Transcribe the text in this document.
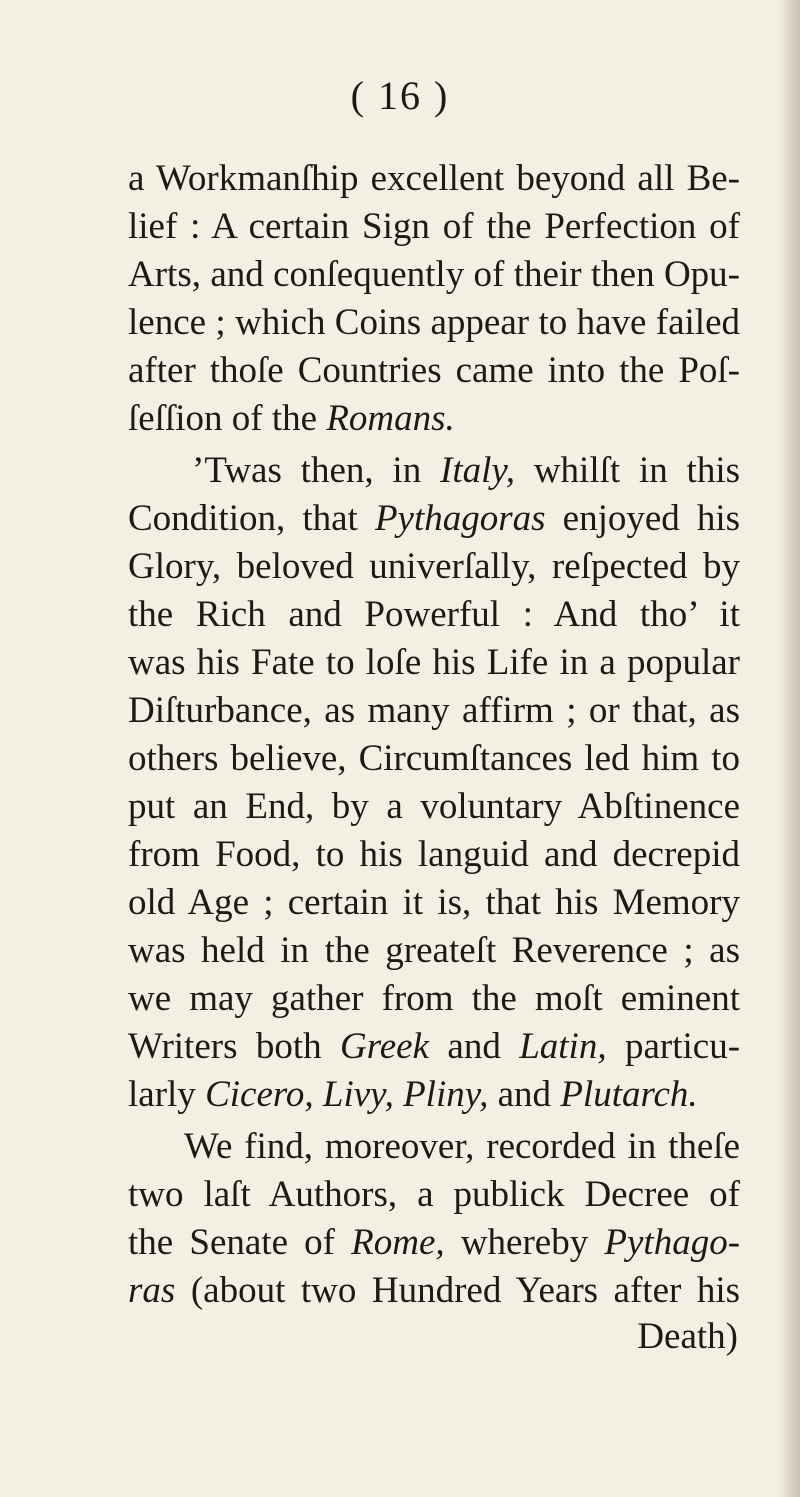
( 16 )
a Workmanſhip excellent beyond all Be-
lief : A certain Sign of the Perfection of
Arts, and conſequently of their then Opu-
lence ; which Coins appear to have failed
after thoſe Countries came into the Poſ-
ſeſſion of the Romans.
’Twas then, in Italy, whilſt in this
Condition, that Pythagoras enjoyed his
Glory, beloved univerſally, reſpected by
the Rich and Powerful : And tho’ it
was his Fate to loſe his Life in a popular
Diſturbance, as many affirm ; or that, as
others believe, Circumſtances led him to
put an End, by a voluntary Abſtinence
from Food, to his languid and decrepid
old Age ; certain it is, that his Memory
was held in the greateſt Reverence ; as
we may gather from the moſt eminent
Writers both Greek and Latin, particu-
larly Cicero, Livy, Pliny, and Plutarch.
We find, moreover, recorded in theſe
two laſt Authors, a publick Decree of
the Senate of Rome, whereby Pythago-
ras (about two Hundred Years after his
Death)
